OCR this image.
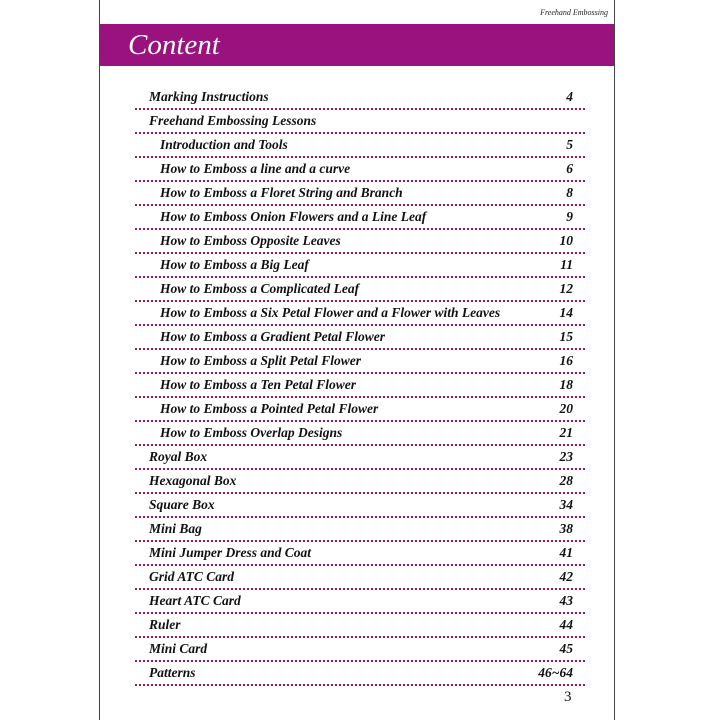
Freehand Embossing
Content
Marking Instructions	4
Freehand Embossing Lessons
Introduction and Tools	5
How to Emboss a line and a curve	6
How to Emboss a Floret String and Branch	8
How to Emboss Onion Flowers and a Line Leaf	9
How to Emboss Opposite Leaves	10
How to Emboss a Big Leaf	11
How to Emboss a Complicated Leaf	12
How to Emboss a Six Petal Flower and a Flower with Leaves	14
How to Emboss a Gradient Petal Flower	15
How to Emboss a Split Petal Flower	16
How to Emboss a Ten Petal Flower	18
How to Emboss a Pointed Petal Flower	20
How to Emboss Overlap Designs	21
Royal Box	23
Hexagonal Box	28
Square Box	34
Mini Bag	38
Mini Jumper Dress and Coat	41
Grid ATC Card	42
Heart ATC Card	43
Ruler	44
Mini Card	45
Patterns	46~64
3
